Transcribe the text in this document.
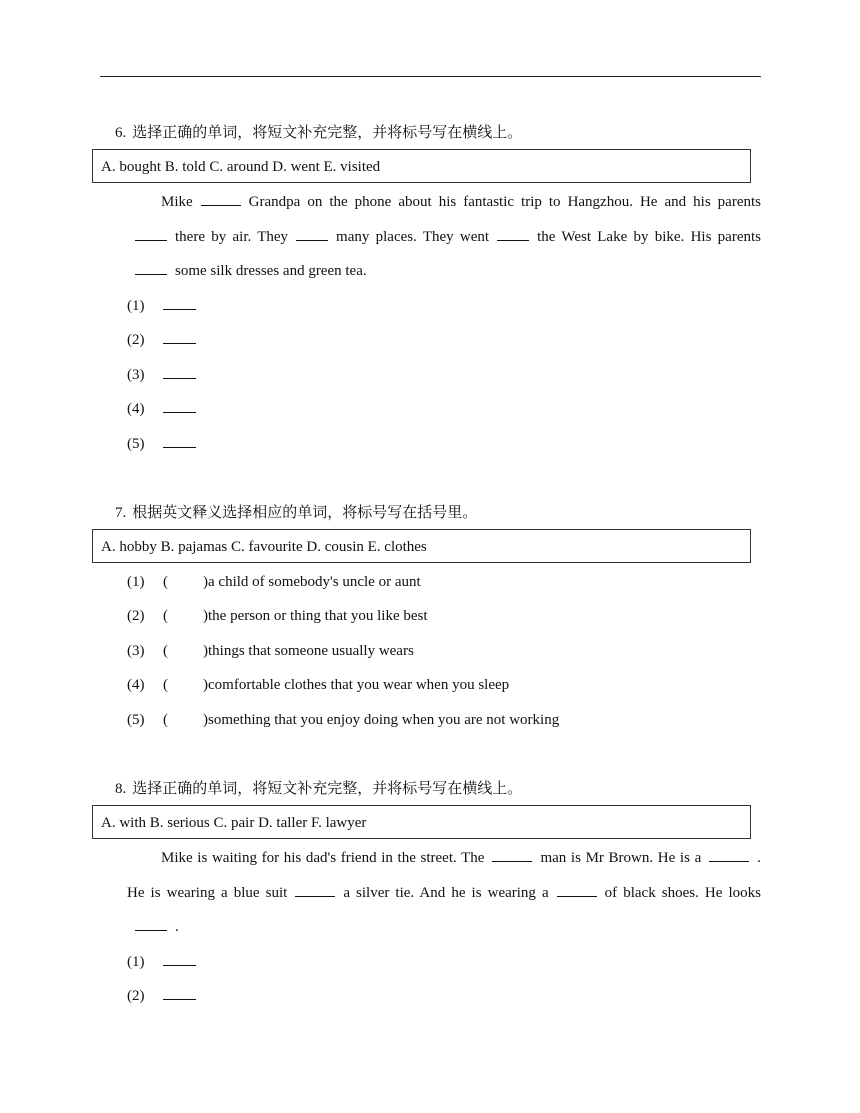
6. 选择正确的单词，将短文补充完整，并将标号写在横线上。
A. bought B. told C. around D. went E. visited
Mike	Grandpa on the phone about his fantastic trip to Hangzhou. He and his parentsthere by air. They	many places. They went	the West Lake by bike. His parentssome silk dresses and green tea.
(1)
(2)
(3)
(4)
(5)
7. 根据英文释义选择相应的单词，将标号写在括号里。
A. hobby B. pajamas C. favourite D. cousin E. clothes
(1) ( )a child of somebody's uncle or aunt
(2) ( )the person or thing that you like best
(3) ( )things that someone usually wears
(4) ( )comfortable clothes that you wear when you sleep
(5) ( )something that you enjoy doing when you are not working
8. 选择正确的单词，将短文补充完整，并将标号写在横线上。
A. with B. serious C. pair D. taller F. lawyer
Mike is waiting for his dad's friend in the street. The	man is Mr Brown. He is a	. He is wearing a blue suit	a silver tie. And he is wearing a	of black shoes. He looks.
(1)
(2)
